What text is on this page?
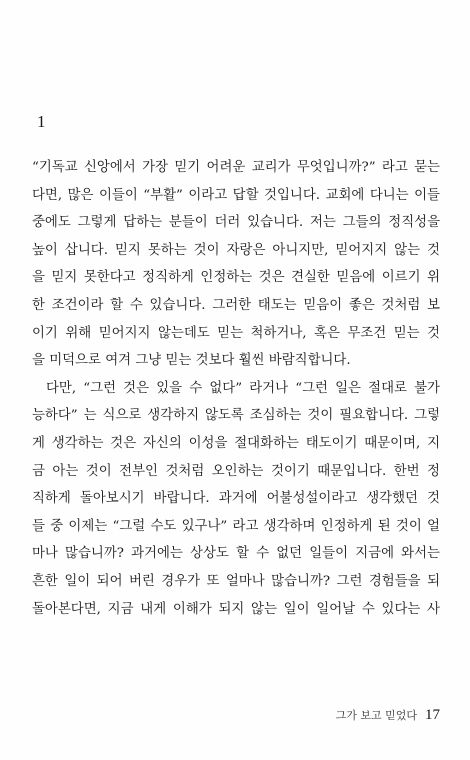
1
“기독교 신앙에서 가장 믿기 어려운 교리가 무엇입니까?” 라고 묻는
다면, 많은 이들이 “부활” 이라고 답할 것입니다. 교회에 다니는 이들
중에도 그렇게 답하는 분들이 더러 있습니다. 저는 그들의 정직성을
높이 삽니다. 믿지 못하는 것이 자랑은 아니지만, 믿어지지 않는 것
을 믿지 못한다고 정직하게 인정하는 것은 견실한 믿음에 이르기 위
한 조건이라 할 수 있습니다. 그러한 태도는 믿음이 좋은 것처럼 보
이기 위해 믿어지지 않는데도 믿는 척하거나, 혹은 무조건 믿는 것
을 미덕으로 여겨 그냥 믿는 것보다 훨씬 바람직합니다.
다만, “그런 것은 있을 수 없다” 라거나 “그런 일은 절대로 불가
능하다” 는 식으로 생각하지 않도록 조심하는 것이 필요합니다. 그렇
게 생각하는 것은 자신의 이성을 절대화하는 태도이기 때문이며, 지
금 아는 것이 전부인 것처럼 오인하는 것이기 때문입니다. 한번 정
직하게 돌아보시기 바랍니다. 과거에 어불성설이라고 생각했던 것
들 중 이제는 “그럴 수도 있구나” 라고 생각하며 인정하게 된 것이 얼
마나 많습니까? 과거에는 상상도 할 수 없던 일들이 지금에 와서는
흔한 일이 되어 버린 경우가 또 얼마나 많습니까? 그런 경험들을 되
돌아본다면, 지금 내게 이해가 되지 않는 일이 일어날 수 있다는 사
그가 보고 믿었다 17
